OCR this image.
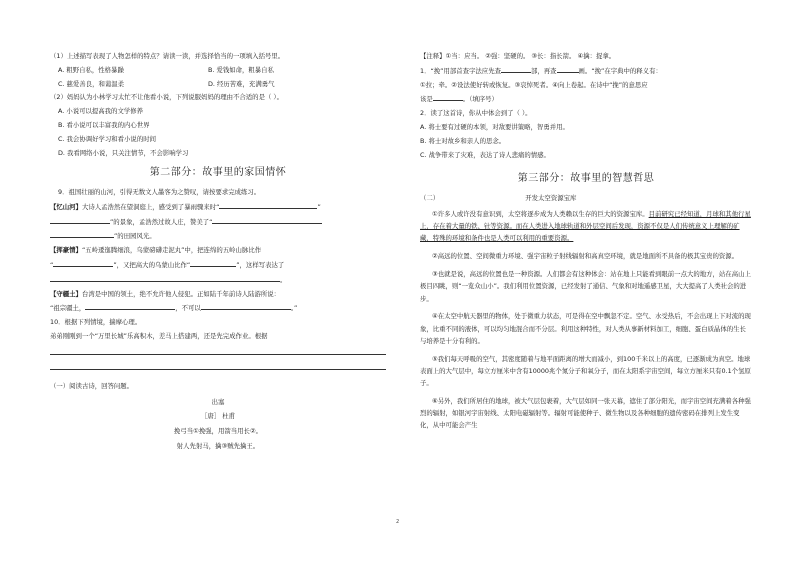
（1）上述描写表现了人物怎样的特点？请读一读，并选择恰当的一项填入括号里。
A. 粗野自私，性格暴躁	B. 爱钱如命，粗暴自私
C. 慈爱善良，和蔼温柔	D. 经历苦难，充满勇气
（2）妈妈认为小林学习太忙不让他看小说，下列说服妈妈的理由不合适的是（ ）。
A. 小说可以提高我的文学修养
B. 看小说可以丰富我的内心世界
C. 我会协调好学习和看小说的时间
D. 我看网络小说，只关注情节，不会影响学习
第二部分：故事里的家国情怀
9．祖国壮丽的山河，引得无数文人墨客为之赞叹，请按要求完成练习。
【忆山河】大诗人孟浩然在望洞庭上，感受到了暴雨骤来时“	”
”的景象，孟浩然过故人庄，赞美了“
”的田园风光。
【挥豪情】“五岭逶迤腾细浪，乌蒙磅礴走泥丸”中，把连绵的五岭山脉比作
“	”，又把高大的乌蒙山比作“	”，这样写表达了
。
【守疆土】台湾是中国的领土，绝不允许他人侵犯。正如陆千年前诗人陆游所说：
“祖宗疆土，	，不可以	。”
10．根据下列情境，揣摩心理。
弟弟刚刚到一个“万里长城”乐高积木，差马上搭建两，还是先完成作业。根据
（一）阅读古诗，回答问题。
出塞
［唐］ 杜甫
挽弓当①挽强，用箭当用长②。
射人先射马，擒③贼先擒王。
【注释】①当：应当。 ②强：坚硬的。 ③长：指长箭。 ④擒：捉拿。
1．“挽”用部首查字法应先查	部，再查	画。“挽”在字典中的释义有：
①拉；牵。②设法使好转或恢复。③哀悼死者。④向上卷起。在诗中“挽”的意思应
该是	。（填序号）
2．读了这首诗，你从中体会到了（ ）。
A. 将士要有过硬的本领，对敌要讲策略，智勇并用。
B. 将士对故乡和亲人的思念。
C. 战争带来了灾难，表达了诗人悲痛的情感。
第三部分：故事里的智慧哲思
（二）	开发太空资源宝库
①许多人或许没有意识到，太空将逐步成为人类赖以生存的巨大的资源宝库。目前研究已经知道，月球和其他行星上，存在着大量的铁、钍等资源。而在人类进入地球轨道和外层空间后发现，资源不仅是人们传统意义上理解的矿藏，特殊的环境和条件也是人类可以利用的重要资源。
②高远的位置、空间微重力环境、强宇宙粒子射线辐射和高真空环境，就是地面所不具备的极其宝贵的资源。
③也就是说，高远的位置也是一种资源。人们都会有这种体会：站在地上只能看到眼前一点大的地方，站在高山上极目四眺，则“一览众山小”。我们利用位置资源，已经发射了通信、气象和对地遥感卫星，大大提高了人类社会的进步。
④在太空中航天器里的物体，处于微重力状态，可是得在空中飘忽不定。空气、水受热后，不会出现上下对流的现象，比重不同的液体，可以均匀地混合而不分层。利用这种特性，对人类从事新材料加工，细胞、蛋白质晶体的生长与培养是十分有利的。
⑤我们每天呼吸的空气，其密度随着与地平面距离的增大而减小，到100千米以上的高度，已逐渐成为真空。地球表面上的大气层中，每立方厘米中含有10000兆个氮分子和氧分子，而在太阳系宇宙空间，每立方厘米只有0.1个氢原子。
⑥另外，我们所居住的地球，被大气层包裹着，大气层如同一张天幕，遮住了部分阳光，而宇宙空间充满着各种强烈的辐射，如银河宇宙射线、太阳电磁辐射等。辐射可能使种子、微生物以及各种细胞的遗传密码在排列上发生变化，从中可能会产生
2
